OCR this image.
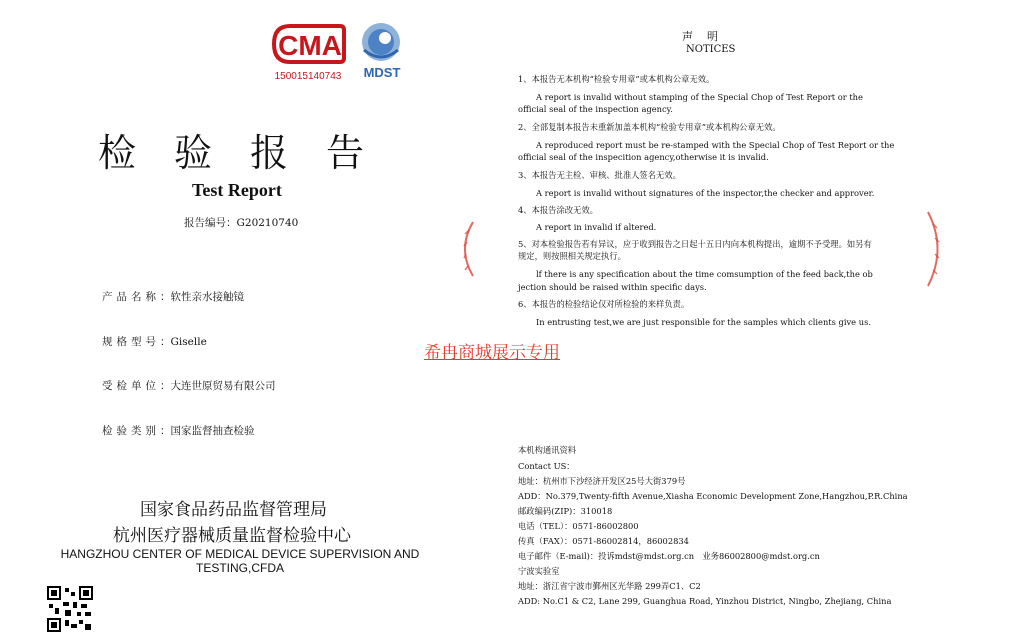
CMA
150015140743	MDST
检验报告
Test Report
报告编号：G20210740
产品名称：软性亲水接触镜
规格型号：Giselle
受检单位：大连世原贸易有限公司
检验类别：国家监督抽查检验
国家食品药品监督管理局
杭州医疗器械质量监督检验中心
HANGZHOU CENTER OF MEDICAL DEVICE SUPERVISION AND TESTING,CFDA
声明
NOTICES
1、本报告无本机构“检验专用章”或本机构公章无效。
A report is invalid without stamping of the Special Chop of Test Report or the
official seal of the inspection agency.
2、全部复制本报告未重新加盖本机构“检验专用章”或本机构公章无效。
A reproduced report must be re-stamped with the Special Chop of Test Report or the
official seal of the inspecition agency,otherwise it is invalid.
3、本报告无主检、审核、批准人签名无效。
A report is invalid without signatures of the inspector,the checker and approver.
4、本报告涂改无效。
A report in invalid if altered.
5、对本检验报告若有异议，应于收到报告之日起十五日内向本机构提出，逾期不予受理。如另有
规定，则按照相关规定执行。
lf there is any specification about the time comsumption of the feed back,the ob
jection should be raised within specific days.
6、本报告的检验结论仅对所检验的来样负责。
In entrusting test,we are just responsible for the samples which clients give us.
希冉商城展示专用
本机构通讯资料
Contact US：
地址：杭州市下沙经济开发区25号大街379号
ADD：No.379,Twenty-fifth Avenue,Xiasha Economic Development Zone,Hangzhou,P.R.China
邮政编码(ZIP)：310018
电话（TEL）：0571-86002800
传真（FAX）：0571-86002814，86002834
电子邮件（E-mail)：投诉mdst@mdst.org.cn　业务86002800@mdst.org.cn
宁波实验室
地址：浙江省宁波市鄞州区光华路 299弄C1、C2
ADD: No.C1 & C2, Lane 299, Guanghua Road, Yinzhou District, Ningbo, Zhejiang, China
